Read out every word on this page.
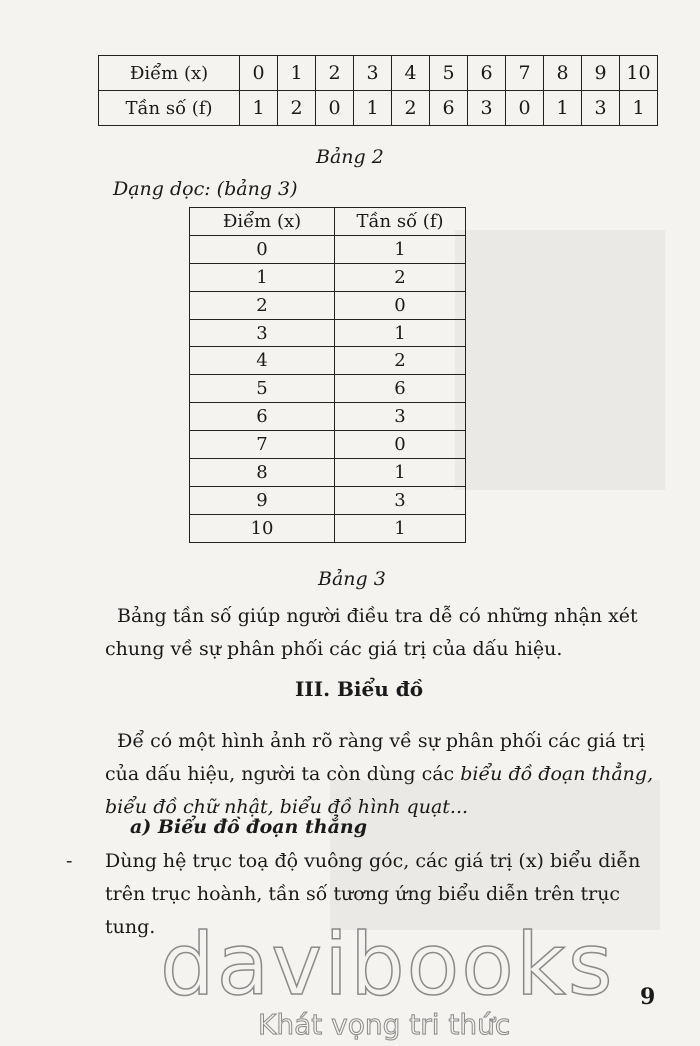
Điểm (x)	0	1	2	3	4	5	6	7	8	9	10
Tần số (f)	1	2	0	1	2	6	3	0	1	3	1
Bảng 2
Dạng dọc: (bảng 3)
Điểm (x)	Tần số (f)
0	1
1	2
2	0
3	1
4	2
5	6
6	3
7	0
8	1
9	3
10	1
Bảng 3
Bảng tần số giúp người điều tra dễ có những nhận xét chung về sự phân phối các giá trị của dấu hiệu.
III. Biểu đồ
Để có một hình ảnh rõ ràng về sự phân phối các giá trị của dấu hiệu, người ta còn dùng các biểu đồ đoạn thẳng, biểu đồ chữ nhật, biểu đồ hình quạt...
a) Biểu đồ đoạn thẳng
- Dùng hệ trục toạ độ vuông góc, các giá trị (x) biểu diễn trên trục hoành, tần số tương ứng biểu diễn trên trục tung. davibooks
Khát vọng tri thức
9
